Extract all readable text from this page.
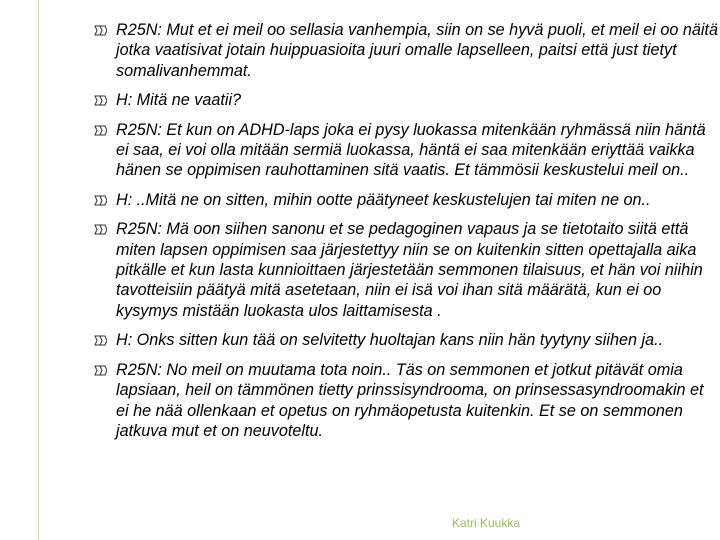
R25N: Mut et ei meil oo sellasia vanhempia, siin on se hyvä puoli, et meil ei oo näitä jotka vaatisivat jotain huippuasioita juuri omalle lapselleen, paitsi että just tietyt somalivanhemmat.
H: Mitä ne vaatii?
R25N: Et kun on ADHD-laps joka ei pysy luokassa mitenkään ryhmässä niin häntä ei saa, ei voi olla mitään sermiä luokassa, häntä ei saa mitenkään eriyttää vaikka hänen se oppimisen rauhottaminen sitä vaatis. Et tämmösii keskustelui meil on..
H: ..Mitä ne on sitten, mihin ootte päätyneet keskustelujen tai miten ne on..
R25N: Mä oon siihen sanonu et se pedagoginen vapaus ja se tietotaito siitä että miten lapsen oppimisen saa järjestettyy niin se on kuitenkin sitten opettajalla aika pitkälle et kun lasta kunnioittaen järjestetään semmonen tilaisuus, et hän voi niihin tavotteisiin päätyä mitä asetetaan, niin ei isä voi ihan sitä määrätä, kun ei oo kysymys mistään luokasta ulos laittamisesta .
H: Onks sitten kun tää on selvitetty huoltajan kans niin hän tyytyny siihen ja..
R25N: No meil on muutama tota noin.. Täs on semmonen et jotkut pitävät omia lapsiaan, heil on tämmönen tietty prinssisyndrooma, on prinsessasyndroomakin et ei he nää ollenkaan et opetus on ryhmäopetusta kuitenkin. Et se on semmonen jatkuva mut et on neuvoteltu.
Katri Kuukka
